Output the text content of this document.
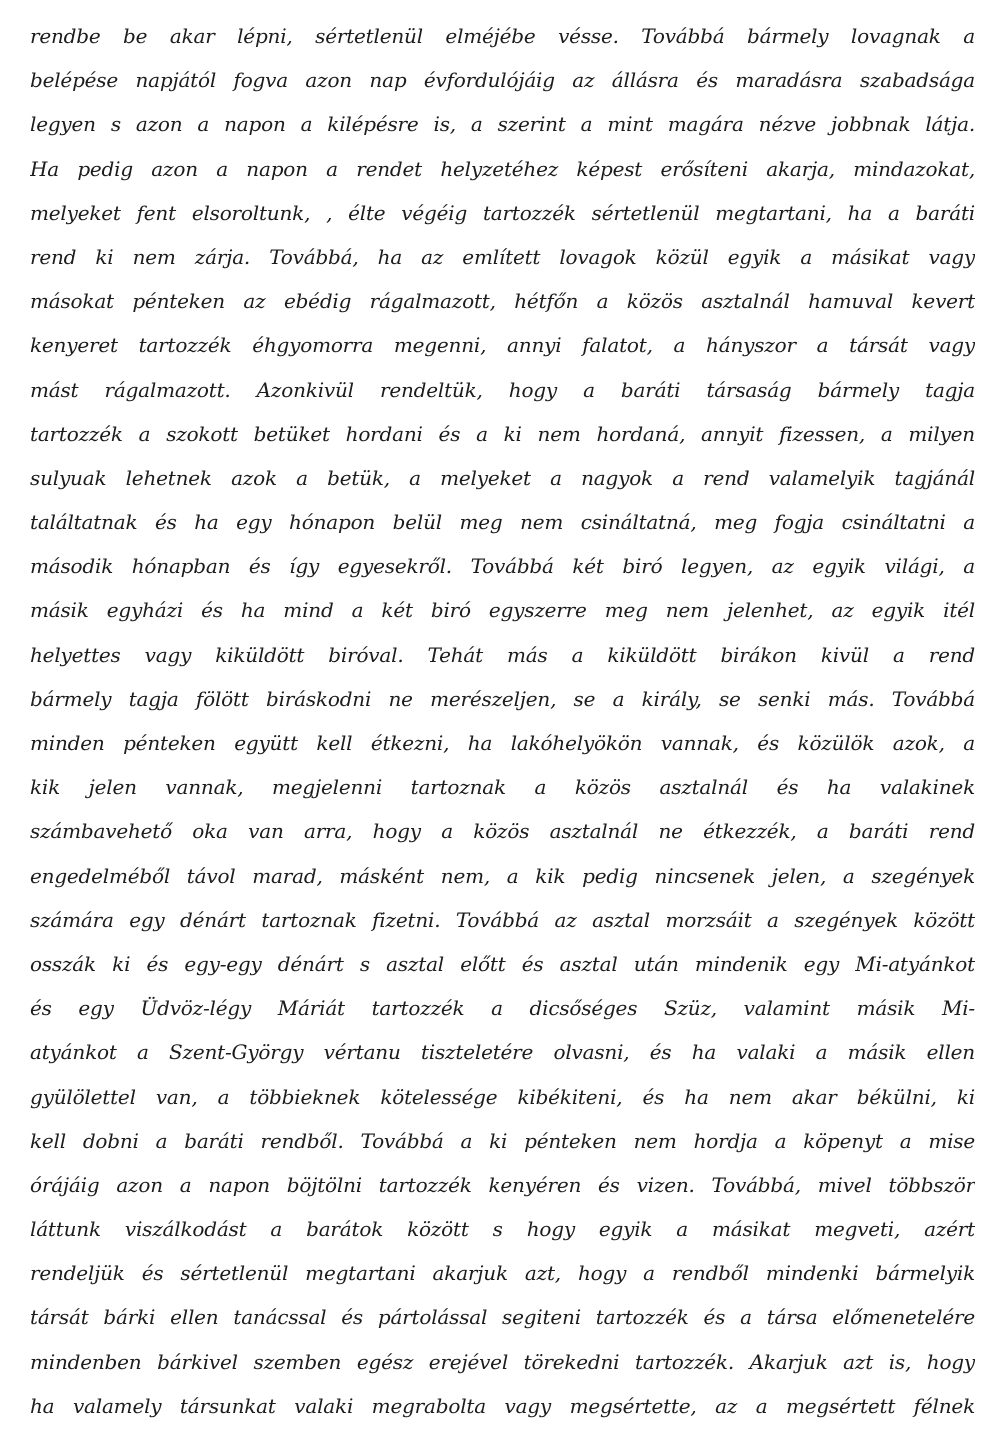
rendbe be akar lépni, sértetlenül elméjébe vésse. Továbbá bármely lovagnak a
belépése napjától fogva azon nap évfordulójáig az állásra és maradásra szabadsága
legyen s azon a napon a kilépésre is, a szerint a mint magára nézve jobbnak látja.
Ha pedig azon a napon a rendet helyzetéhez képest erősíteni akarja, mindazokat,
melyeket fent elsoroltunk, , élte végéig tartozzék sértetlenül megtartani, ha a baráti
rend ki nem zárja. Továbbá, ha az említett lovagok közül egyik a másikat vagy
másokat pénteken az ebédig rágalmazott, hétfőn a közös asztalnál hamuval kevert
kenyeret tartozzék éhgyomorra megenni, annyi falatot, a hányszor a társát vagy
mást rágalmazott. Azonkivül rendeltük, hogy a baráti társaság bármely tagja
tartozzék a szokott betüket hordani és a ki nem hordaná, annyit fizessen, a milyen
sulyuak lehetnek azok a betük, a melyeket a nagyok a rend valamelyik tagjánál
találtatnak és ha egy hónapon belül meg nem csináltatná, meg fogja csináltatni a
második hónapban és így egyesekről. Továbbá két biró legyen, az egyik világi, a
másik egyházi és ha mind a két biró egyszerre meg nem jelenhet, az egyik itél
helyettes vagy kiküldött biróval. Tehát más a kiküldött birákon kivül a rend
bármely tagja fölött biráskodni ne merészeljen, se a király, se senki más. Továbbá
minden pénteken együtt kell étkezni, ha lakóhelyökön vannak, és közülök azok, a
kik jelen vannak, megjelenni tartoznak a közös asztalnál és ha valakinek
számbavehető oka van arra, hogy a közös asztalnál ne étkezzék, a baráti rend
engedelméből távol marad, másként nem, a kik pedig nincsenek jelen, a szegények
számára egy dénárt tartoznak fizetni. Továbbá az asztal morzsáit a szegények között
osszák ki és egy-egy dénárt s asztal előtt és asztal után mindenik egy Mi-atyánkot
és egy Üdvöz-légy Máriát tartozzék a dicsőséges Szüz, valamint másik Mi-
atyánkot a Szent-György vértanu tiszteletére olvasni, és ha valaki a másik ellen
gyülölettel van, a többieknek kötelessége kibékiteni, és ha nem akar békülni, ki
kell dobni a baráti rendből. Továbbá a ki pénteken nem hordja a köpenyt a mise
órájáig azon a napon böjtölni tartozzék kenyéren és vizen. Továbbá, mivel többször
láttunk viszálkodást a barátok között s hogy egyik a másikat megveti, azért
rendeljük és sértetlenül megtartani akarjuk azt, hogy a rendből mindenki bármelyik
társát bárki ellen tanácssal és pártolással segiteni tartozzék és a társa előmenetelére
mindenben bárkivel szemben egész erejével törekedni tartozzék. Akarjuk azt is, hogy
ha valamely társunkat valaki megrabolta vagy megsértette, az a megsértett félnek
